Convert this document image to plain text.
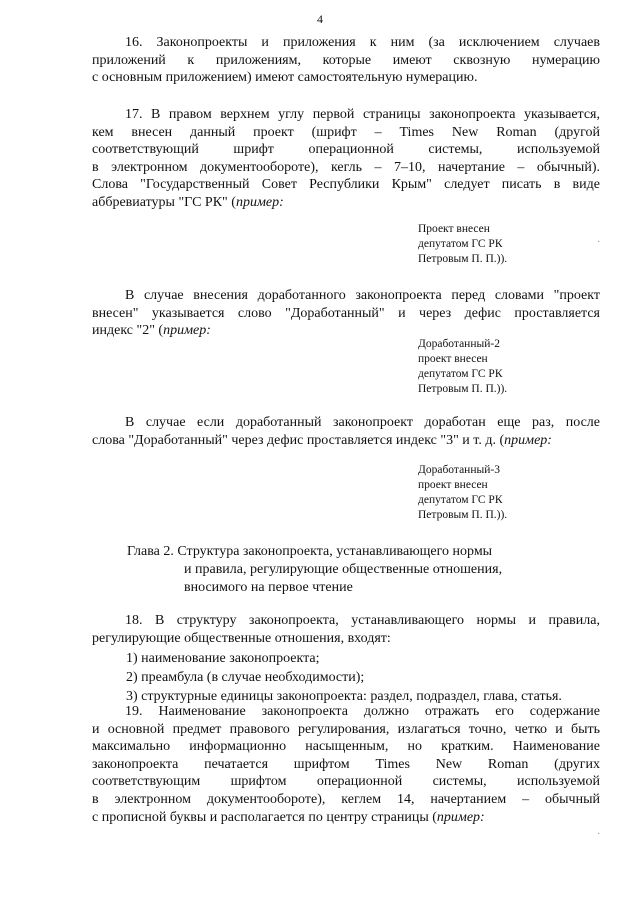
4
16. Законопроекты и приложения к ним (за исключением случаев
приложений к приложениям, которые имеют сквозную нумерацию
с основным приложением) имеют самостоятельную нумерацию.
17. В правом верхнем углу первой страницы законопроекта указывается,
кем внесен данный проект (шрифт – Times New Roman (другой
соответствующий шрифт операционной системы, используемой
в электронном документообороте), кегль – 7–10, начертание – обычный).
Слова "Государственный Совет Республики Крым" следует писать в виде
аббревиатуры "ГС РК" (пример:
Проект внесен
депутатом ГС РК
Петровым П. П.)).
В случае внесения доработанного законопроекта перед словами "проект
внесен" указывается слово "Доработанный" и через дефис проставляется
индекс "2" (пример:
Доработанный-2
проект внесен
депутатом ГС РК
Петровым П. П.)).
В случае если доработанный законопроект доработан еще раз, после
слова "Доработанный" через дефис проставляется индекс "3" и т. д. (пример:
Доработанный-3
проект внесен
депутатом ГС РК
Петровым П. П.)).
Глава 2. Структура законопроекта, устанавливающего нормы
и правила, регулирующие общественные отношения,
вносимого на первое чтение
18. В структуру законопроекта, устанавливающего нормы и правила,
регулирующие общественные отношения, входят:
1) наименование законопроекта;
2) преамбула (в случае необходимости);
3) структурные единицы законопроекта: раздел, подраздел, глава, статья.
19. Наименование законопроекта должно отражать его содержание
и основной предмет правового регулирования, излагаться точно, четко и быть
максимально информационно насыщенным, но кратким. Наименование
законопроекта печатается шрифтом Times New Roman (других
соответствующим шрифтом операционной системы, используемой
в электронном документообороте), кеглем 14, начертанием – обычный
с прописной буквы и располагается по центру страницы (пример:
·
·
